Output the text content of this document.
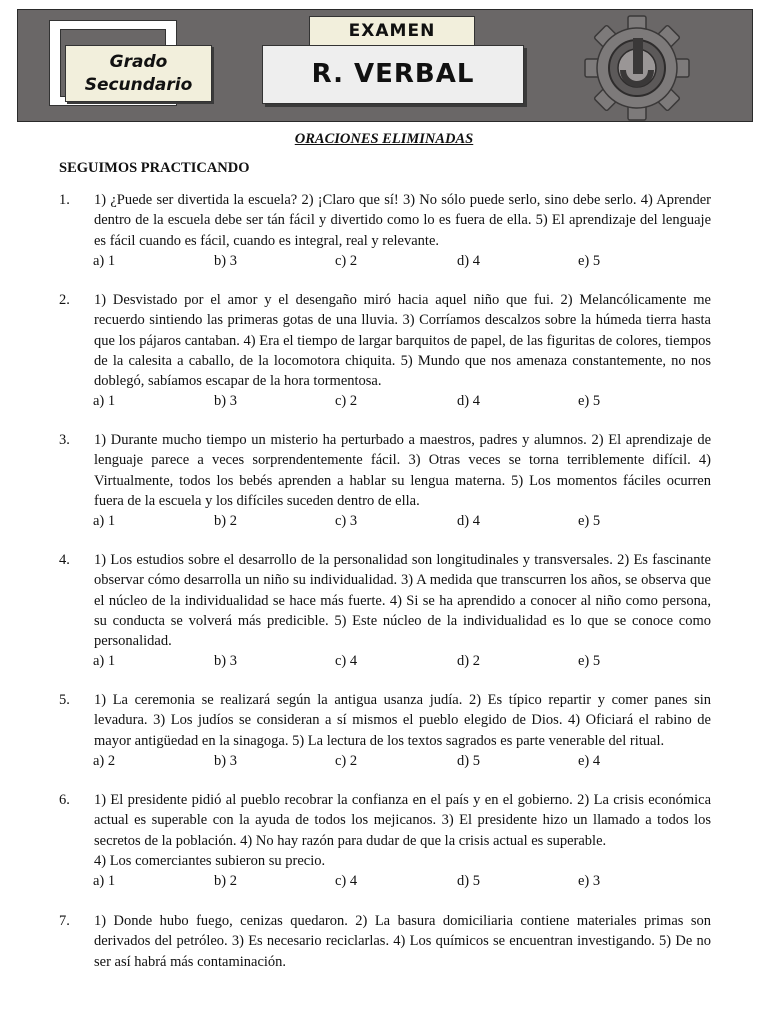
Grado
Secundario
EXAMEN
R. VERBAL
ORACIONES ELIMINADAS
SEGUIMOS PRACTICANDO
1.	1) ¿Puede ser divertida la escuela? 2) ¡Claro que sí! 3) No sólo puede serlo, sino debe serlo. 4) Aprender dentro de la escuela debe ser tán fácil y divertido como lo es fuera de ella. 5) El aprendizaje del lenguaje es fácil cuando es fácil, cuando es integral, real y relevante.
a) 1	b) 3	c) 2	d) 4	e) 5
2.	1) Desvistado por el amor y el desengaño miró hacia aquel niño que fui. 2) Melancólicamente me recuerdo sintiendo las primeras gotas de una lluvia. 3) Corríamos descalzos sobre la húmeda tierra hasta que los pájaros cantaban. 4) Era el tiempo de largar barquitos de papel, de las figuritas de colores, tiempos de la calesita a caballo, de la locomotora chiquita. 5) Mundo que nos amenaza constantemente, no nos doblegó, sabíamos escapar de la hora tormentosa.
a) 1	b) 3	c) 2	d) 4	e) 5
3.	1) Durante mucho tiempo un misterio ha perturbado a maestros, padres y alumnos. 2) El aprendizaje de lenguaje parece a veces sorprendentemente fácil. 3) Otras veces se torna terriblemente difícil. 4) Virtualmente, todos los bebés aprenden a hablar su lengua materna. 5) Los momentos fáciles ocurren fuera de la escuela y los difíciles suceden dentro de ella.
a) 1	b) 2	c) 3	d) 4	e) 5
4.	1) Los estudios sobre el desarrollo de la personalidad son longitudinales y transversales. 2) Es fascinante observar cómo desarrolla un niño su individualidad. 3) A medida que transcurren los años, se observa que el núcleo de la individualidad se hace más fuerte. 4) Si se ha aprendido a conocer al niño como persona, su conducta se volverá más predicible. 5) Este núcleo de la individualidad es lo que se conoce como personalidad.
a) 1	b) 3	c) 4	d) 2	e) 5
5.	1) La ceremonia se realizará según la antigua usanza judía. 2) Es típico repartir y comer panes sin levadura. 3) Los judíos se consideran a sí mismos el pueblo elegido de Dios. 4) Oficiará el rabino de mayor antigüedad en la sinagoga. 5) La lectura de los textos sagrados es parte venerable del ritual.
a) 2	b) 3	c) 2	d) 5	e) 4
6.	1) El presidente pidió al pueblo recobrar la confianza en el país y en el gobierno. 2) La crisis económica actual es superable con la ayuda de todos los mejicanos. 3) El presidente hizo un llamado a todos los secretos de la población. 4) No hay razón para dudar de que la crisis actual es superable.
4) Los comerciantes subieron su precio.
a) 1	b) 2	c) 4	d) 5	e) 3
7.	1) Donde hubo fuego, cenizas quedaron. 2) La basura domiciliaria contiene materiales primas son derivados del petróleo. 3) Es necesario reciclarlas. 4) Los químicos se encuentran investigando. 5) De no ser así habrá más contaminación.
